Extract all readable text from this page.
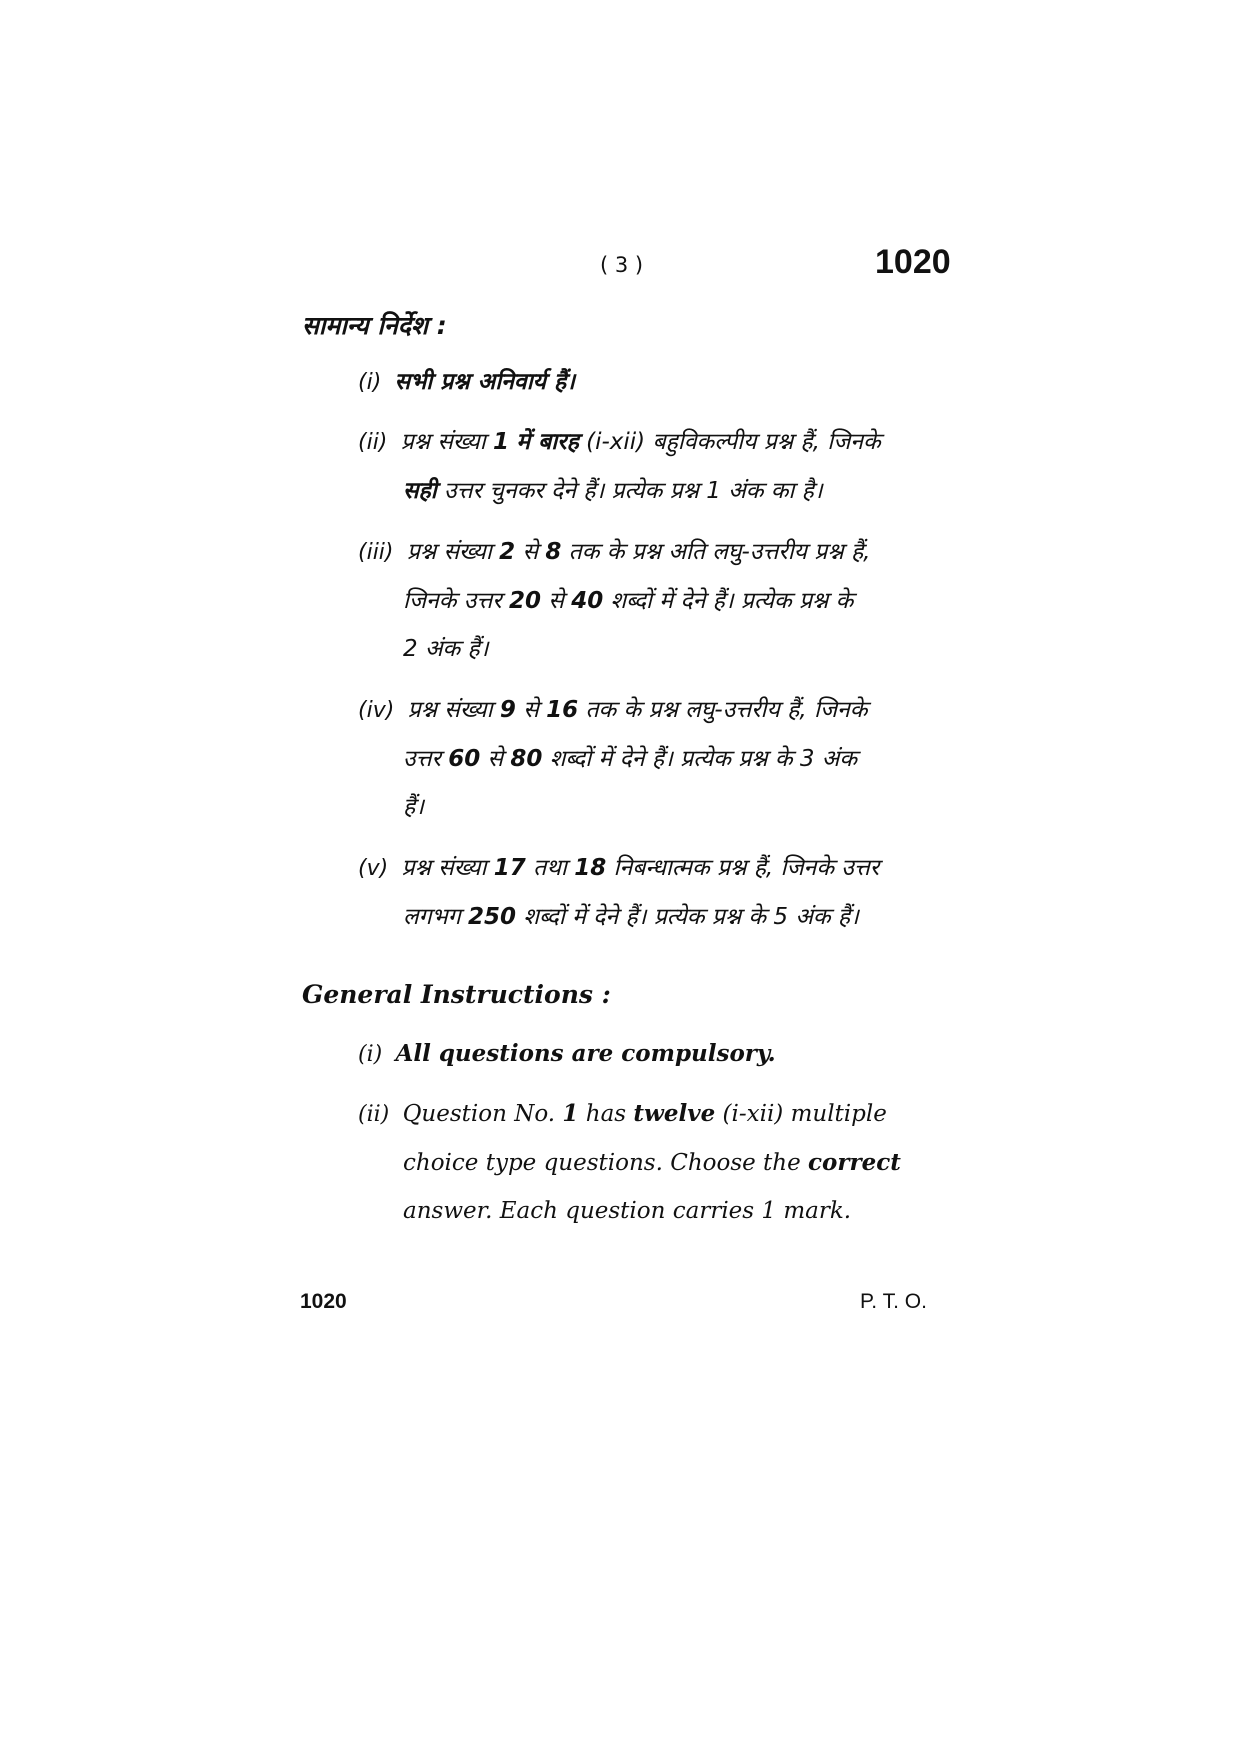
( 3 )	1020
सामान्य निर्देश :
(i) सभी प्रश्न अनिवार्य हैं।
(ii) प्रश्न संख्या 1 में बारह (i-xii) बहुविकल्पीय प्रश्न हैं, जिनके
सही उत्तर चुनकर देने हैं। प्रत्येक प्रश्न 1 अंक का है।
(iii) प्रश्न संख्या 2 से 8 तक के प्रश्न अति लघु-उत्तरीय प्रश्न हैं,
जिनके उत्तर 20 से 40 शब्दों में देने हैं। प्रत्येक प्रश्न के
2 अंक हैं।
(iv) प्रश्न संख्या 9 से 16 तक के प्रश्न लघु-उत्तरीय हैं, जिनके
उत्तर 60 से 80 शब्दों में देने हैं। प्रत्येक प्रश्न के 3 अंक
हैं।
(v) प्रश्न संख्या 17 तथा 18 निबन्धात्मक प्रश्न हैं, जिनके उत्तर
लगभग 250 शब्दों में देने हैं। प्रत्येक प्रश्न के 5 अंक हैं।
General Instructions :
(i) All questions are compulsory.
(ii) Question No. 1 has twelve (i-xii) multiple
choice type questions. Choose the correct
answer. Each question carries 1 mark.
1020	P. T. O.
